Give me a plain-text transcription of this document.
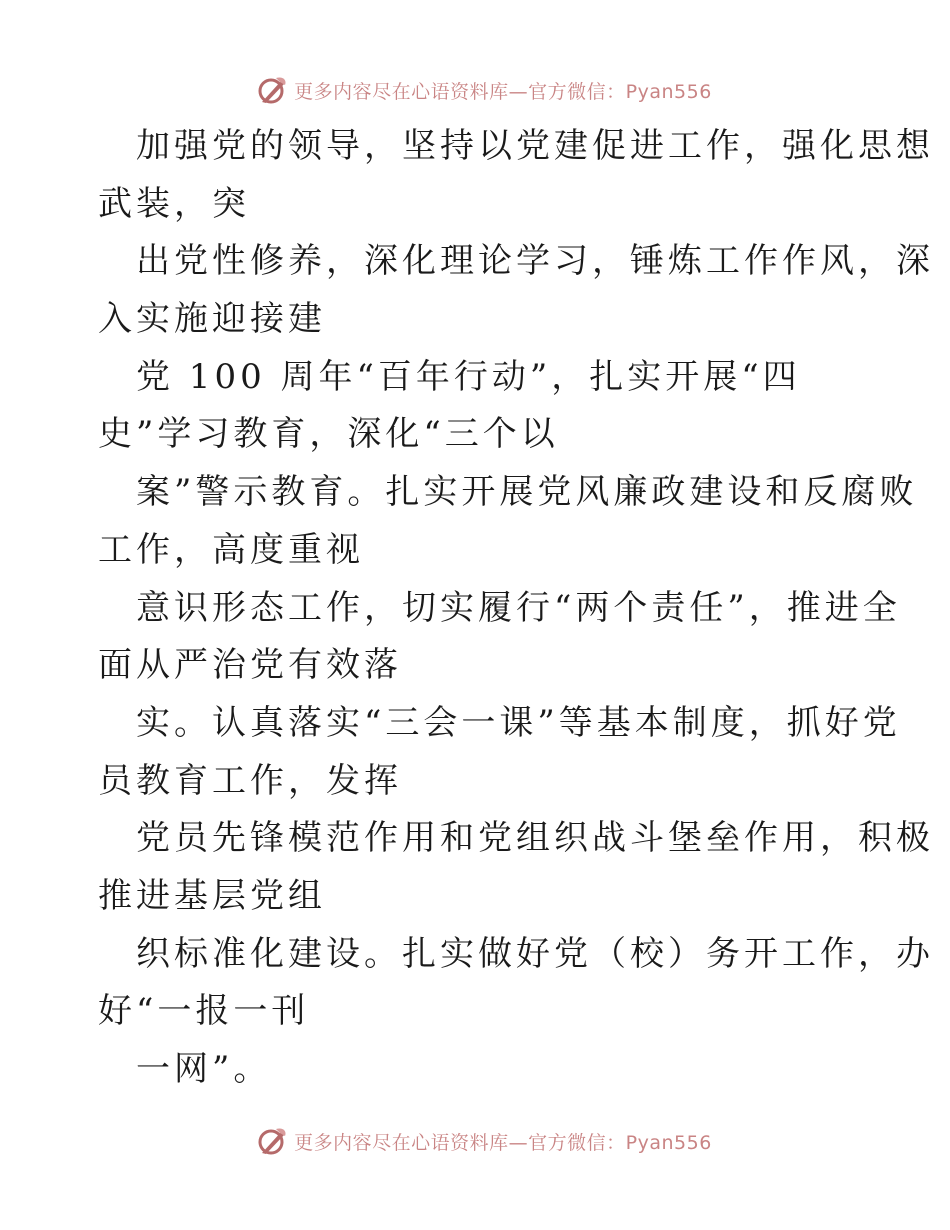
更多内容尽在心语资料库—官方微信：Pyan556
加强党的领导，坚持以党建促进工作，强化思想
武装，突
出党性修养，深化理论学习，锤炼工作作风，深
入实施迎接建
党 100 周年“百年行动”，扎实开展“四
史”学习教育，深化“三个以
案”警示教育。扎实开展党风廉政建设和反腐败
工作，高度重视
意识形态工作，切实履行“两个责任”，推进全
面从严治党有效落
实。认真落实“三会一课”等基本制度，抓好党
员教育工作，发挥
党员先锋模范作用和党组织战斗堡垒作用，积极
推进基层党组
织标准化建设。扎实做好党（校）务开工作，办
好“一报一刊
一网”。
更多内容尽在心语资料库—官方微信：Pyan556
